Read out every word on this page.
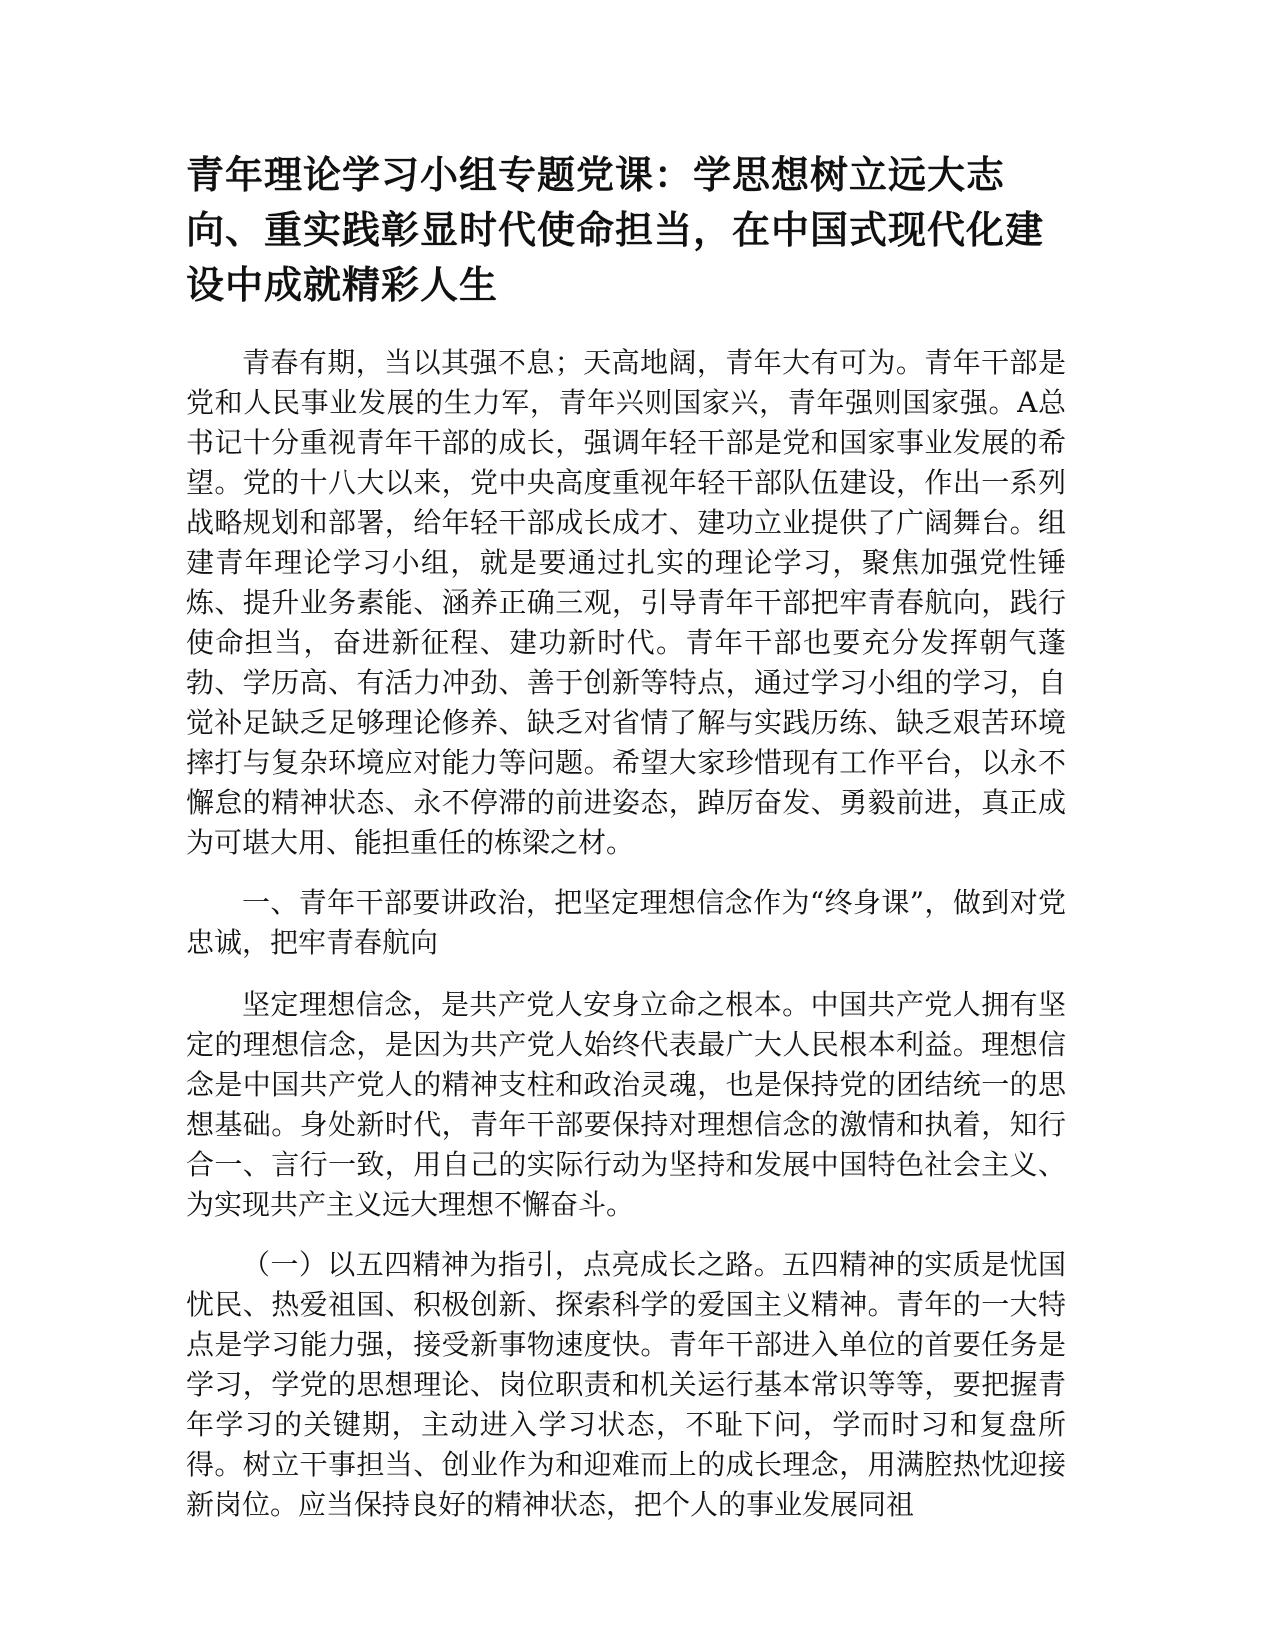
青年理论学习小组专题党课：学思想树立远大志向、重实践彰显时代使命担当，在中国式现代化建设中成就精彩人生

青春有期，当以其强不息；天高地阔，青年大有可为。青年干部是党和人民事业发展的生力军，青年兴则国家兴，青年强则国家强。A总书记十分重视青年干部的成长，强调年轻干部是党和国家事业发展的希望。党的十八大以来，党中央高度重视年轻干部队伍建设，作出一系列战略规划和部署，给年轻干部成长成才、建功立业提供了广阔舞台。组建青年理论学习小组，就是要通过扎实的理论学习，聚焦加强党性锤炼、提升业务素能、涵养正确三观，引导青年干部把牢青春航向，践行使命担当，奋进新征程、建功新时代。青年干部也要充分发挥朝气蓬勃、学历高、有活力冲劲、善于创新等特点，通过学习小组的学习，自觉补足缺乏足够理论修养、缺乏对省情了解与实践历练、缺乏艰苦环境摔打与复杂环境应对能力等问题。希望大家珍惜现有工作平台，以永不懈怠的精神状态、永不停滞的前进姿态，踔厉奋发、勇毅前进，真正成为可堪大用、能担重任的栋梁之材。

一、青年干部要讲政治，把坚定理想信念作为“终身课”，做到对党忠诚，把牢青春航向

坚定理想信念，是共产党人安身立命之根本。中国共产党人拥有坚定的理想信念，是因为共产党人始终代表最广大人民根本利益。理想信念是中国共产党人的精神支柱和政治灵魂，也是保持党的团结统一的思想基础。身处新时代，青年干部要保持对理想信念的激情和执着，知行合一、言行一致，用自己的实际行动为坚持和发展中国特色社会主义、为实现共产主义远大理想不懈奋斗。

（一）以五四精神为指引，点亮成长之路。五四精神的实质是忧国忧民、热爱祖国、积极创新、探索科学的爱国主义精神。青年的一大特点是学习能力强，接受新事物速度快。青年干部进入单位的首要任务是学习，学党的思想理论、岗位职责和机关运行基本常识等等，要把握青年学习的关键期，主动进入学习状态，不耻下问，学而时习和复盘所得。树立干事担当、创业作为和迎难而上的成长理念，用满腔热忱迎接新岗位。应当保持良好的精神状态，把个人的事业发展同祖
